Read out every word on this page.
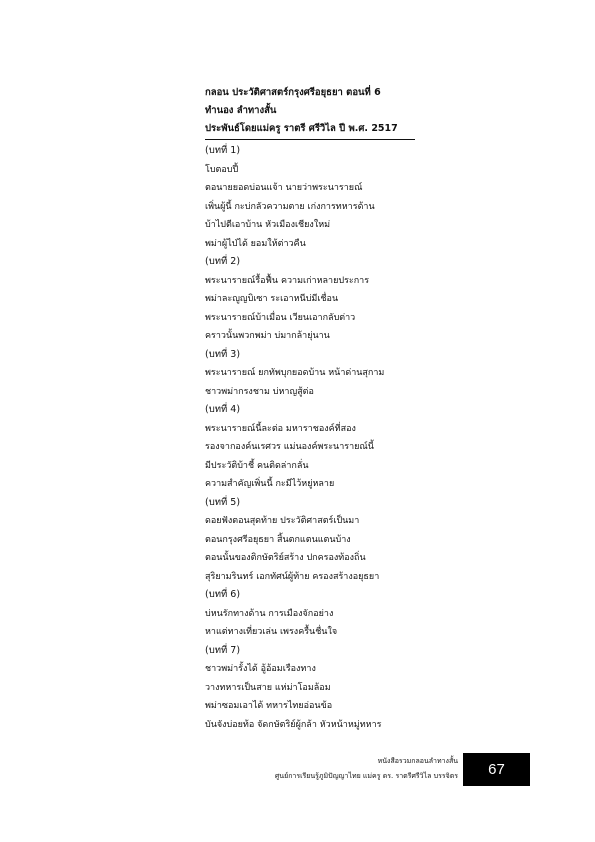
กลอน ประวัติศาสตร์กรุงศรีอยุธยา ตอนที่ 6
ทำนอง ลำทางสั้น
ประพันธ์โดยแม่ครู ราตรี ศรีวิไล ปี พ.ศ. 2517
(บทที่ 1)
โบตอบปี้
ตอนายยอดบ่อนแจ้า นายว่าพระนารายณ์
เพิ่นผู้นี้ กะบ่กลัวความตาย เก่งการทหารด้าน
บ้าไปตีเอาบ้าน หัวเมืองเชียงใหม่
พม่าผู้ไป่ได้ ยอมให้ต่าวคืน
(บทที่ 2)
พระนารายณ์รื้อฟื้น ความเก่าหลายประการ
พม่าละญูญบิเซา ระเอาหนีบ่มีเชื่อน
พระนารายณ์บ้าเมื่อน เวียนเอากลับต่าว
คราวนั้นพวกพม่า บ่มากล้ายุ่นาน
(บทที่ 3)
พระนารายณ์ ยกทัพบุกยอดบ้าน หน้าด่านสุกาม
ชาวพม่ากรงชาม บ่หาญสู้ต่อ
(บทที่ 4)
พระนารายณ์นี้ละต่อ มหาราชองค์ที่สอง
รองจากองค์นเรศวร แม่นองค์พระนารายณ์นี้
มีประวัติบ้าชี้ คนติดล่ากลั่น
ความสำคัญเพิ่นนี้ กะมีไว้หยู่หลาย
(บทที่ 5)
ดอยฟังตอนสุดท้าย ประวัติศาสตร์เป็นมา
ตอนกรุงศรีอยุธยา สิ้นตกแตนแตนบ้าง
ตอนนั้นของติกษัตริย์สร้าง ปกครองท้องถิ่น
สุริยามรินทร์ เอกทัศน์ผู้ท้าย ครองสร้างอยุธยา
(บทที่ 6)
บ่หนรักทางด้าน การเมืองจักอย่าง
หาแต่ทางเที่ยวเล่น เพรงครื้นชื่นใจ
(บทที่ 7)
ชาวพม่ารั้งได้ อู้อ้อมเรืองทาง
วางทหารเป็นสาย แห่ม่าโอมล้อม
พม่าซอมเอาได้ ทหารไทยอ่อนข้อ
บันจังบ่อยท้อ จัดกษัตริย์ผู้กล้า หัวหน้าหมู่ทหาร
หนังสือรวมกลอนลำทางสั้น
ศูนย์การเรียนรู้ภูมิปัญญาไทย แม่ครู ดร. ราตรีศรีวิไล บรรจิตร 67
